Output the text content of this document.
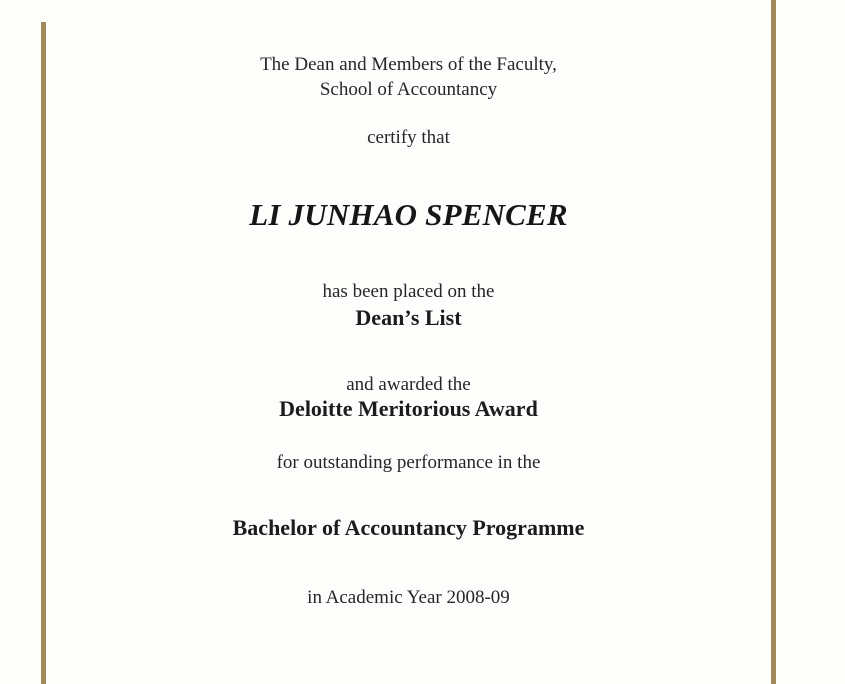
The Dean and Members of the Faculty,
School of Accountancy
certify that
LI JUNHAO SPENCER
has been placed on the
Dean’s List
and awarded the
Deloitte Meritorious Award
for outstanding performance in the
Bachelor of Accountancy Programme
in Academic Year 2008-09
